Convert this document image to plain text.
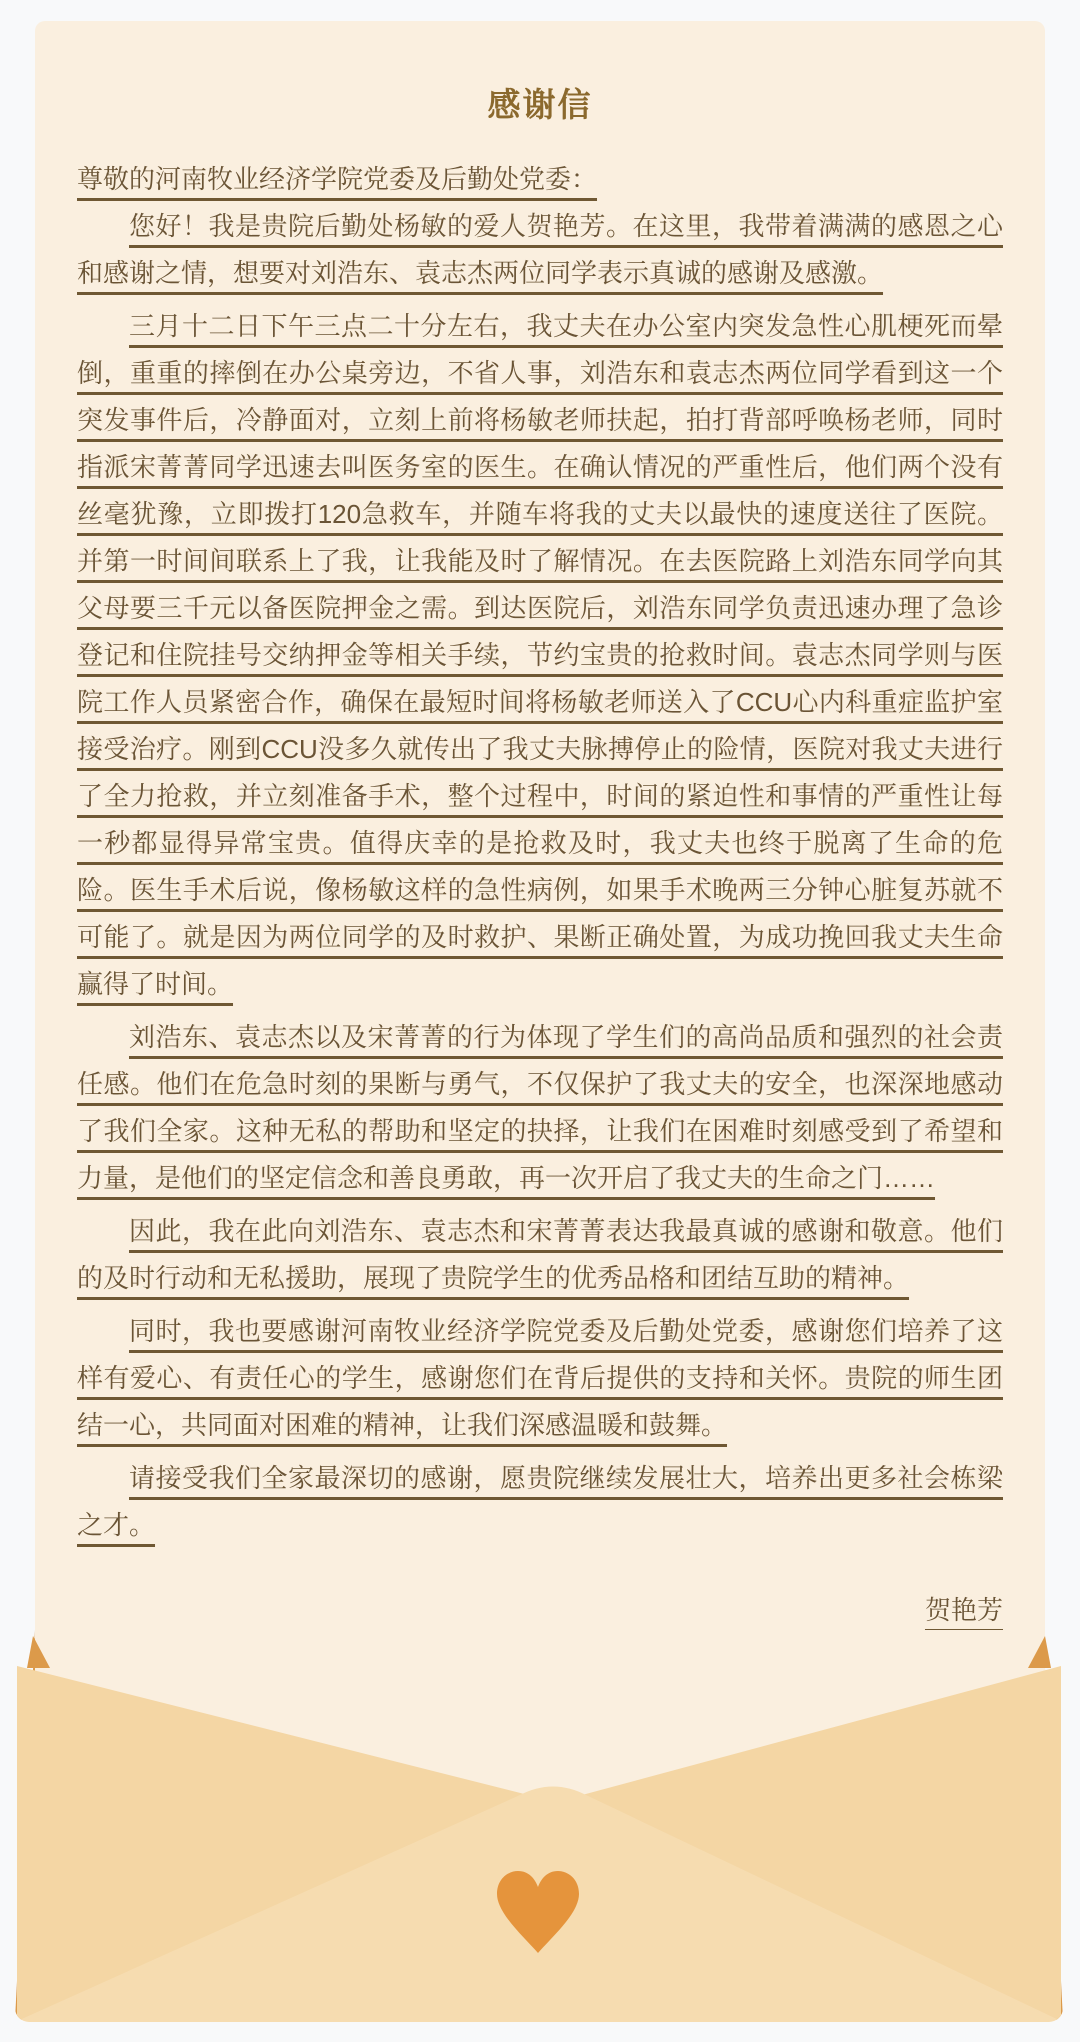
感谢信
尊敬的河南牧业经济学院党委及后勤处党委：

您好！我是贵院后勤处杨敏的爱人贺艳芳。在这里，我带着满满的感恩之心和感谢之情，想要对刘浩东、袁志杰两位同学表示真诚的感谢及感激。

三月十二日下午三点二十分左右，我丈夫在办公室内突发急性心肌梗死而晕倒，重重的摔倒在办公桌旁边，不省人事，刘浩东和袁志杰两位同学看到这一个突发事件后，冷静面对，立刻上前将杨敏老师扶起，拍打背部呼唤杨老师，同时指派宋菁菁同学迅速去叫医务室的医生。在确认情况的严重性后，他们两个没有丝毫犹豫，立即拨打120急救车，并随车将我的丈夫以最快的速度送往了医院。并第一时间间联系上了我，让我能及时了解情况。在去医院路上刘浩东同学向其父母要三千元以备医院押金之需。到达医院后，刘浩东同学负责迅速办理了急诊登记和住院挂号交纳押金等相关手续，节约宝贵的抢救时间。袁志杰同学则与医院工作人员紧密合作，确保在最短时间将杨敏老师送入了CCU心内科重症监护室接受治疗。刚到CCU没多久就传出了我丈夫脉搏停止的险情，医院对我丈夫进行了全力抢救，并立刻准备手术，整个过程中，时间的紧迫性和事情的严重性让每一秒都显得异常宝贵。值得庆幸的是抢救及时，我丈夫也终于脱离了生命的危险。医生手术后说，像杨敏这样的急性病例，如果手术晚两三分钟心脏复苏就不可能了。就是因为两位同学的及时救护、果断正确处置，为成功挽回我丈夫生命赢得了时间。

刘浩东、袁志杰以及宋菁菁的行为体现了学生们的高尚品质和强烈的社会责任感。他们在危急时刻的果断与勇气，不仅保护了我丈夫的安全，也深深地感动了我们全家。这种无私的帮助和坚定的抉择，让我们在困难时刻感受到了希望和力量，是他们的坚定信念和善良勇敢，再一次开启了我丈夫的生命之门……

因此，我在此向刘浩东、袁志杰和宋菁菁表达我最真诚的感谢和敬意。他们的及时行动和无私援助，展现了贵院学生的优秀品格和团结互助的精神。

同时，我也要感谢河南牧业经济学院党委及后勤处党委，感谢您们培养了这样有爱心、有责任心的学生，感谢您们在背后提供的支持和关怀。贵院的师生团结一心，共同面对困难的精神，让我们深感温暖和鼓舞。

请接受我们全家最深切的感谢，愿贵院继续发展壮大，培养出更多社会栋梁之才。

贺艳芳
